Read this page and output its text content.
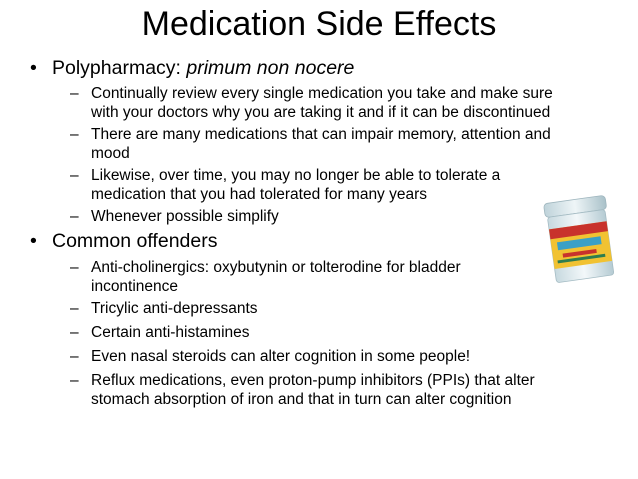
Medication Side Effects
• Polypharmacy: primum non nocere
– Continually review every single medication you take and make sure
with your doctors why you are taking it and if it can be discontinued
– There are many medications that can impair memory, attention and
mood
– Likewise, over time, you may no longer be able to tolerate a
medication that you had tolerated for many years
– Whenever possible simplify
• Common offenders
– Anti-cholinergics: oxybutynin or tolterodine for bladder
incontinence
– Tricylic anti-depressants
– Certain anti-histamines
– Even nasal steroids can alter cognition in some people!
– Reflux medications, even proton-pump inhibitors (PPIs) that alter
stomach absorption of iron and that in turn can alter cognition
